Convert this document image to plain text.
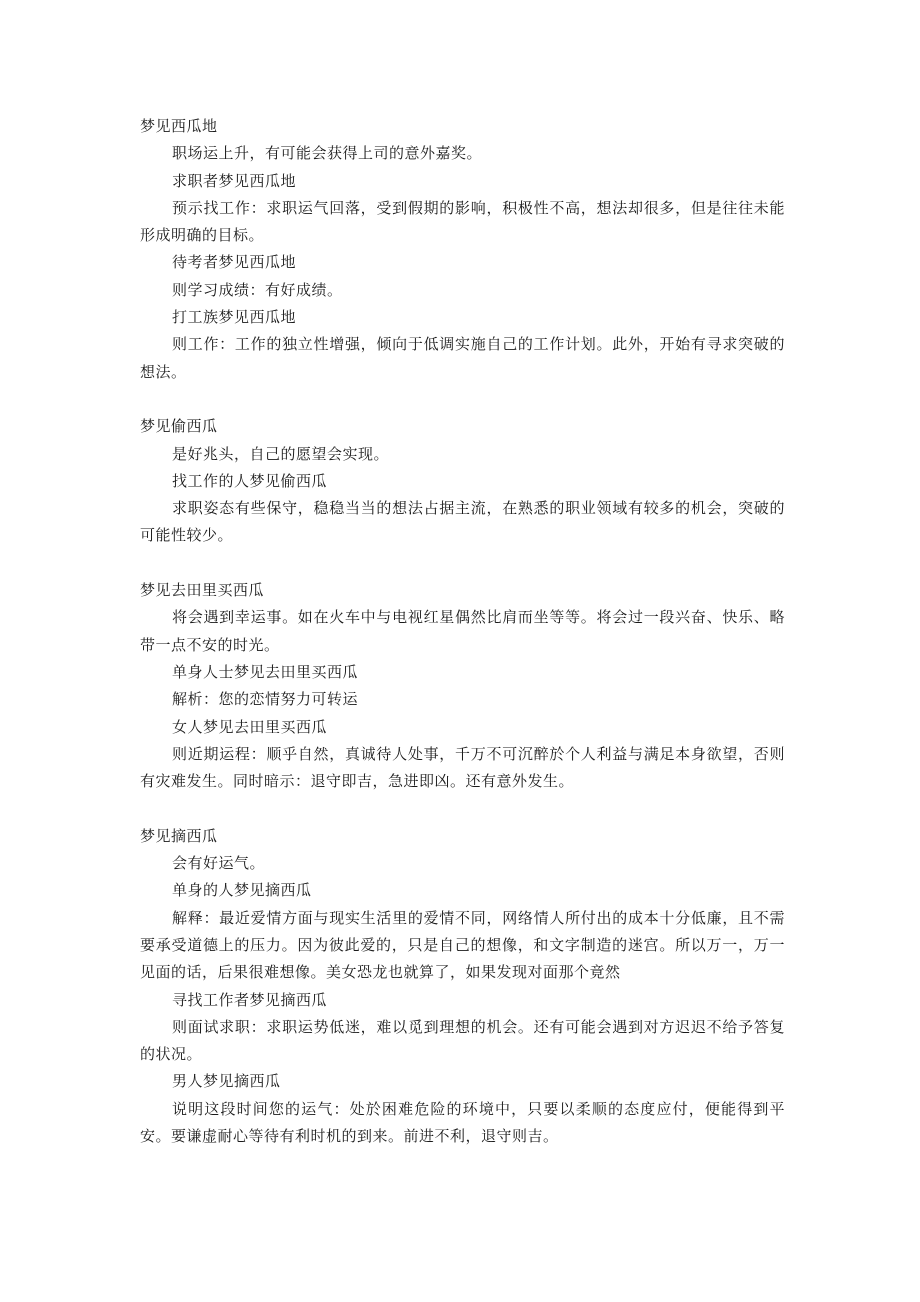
梦见西瓜地

职场运上升，有可能会获得上司的意外嘉奖。

求职者梦见西瓜地

预示找工作：求职运气回落，受到假期的影响，积极性不高，想法却很多，但是往往未能形成明确的目标。

待考者梦见西瓜地

则学习成绩：有好成绩。

打工族梦见西瓜地

则工作：工作的独立性增强，倾向于低调实施自己的工作计划。此外，开始有寻求突破的想法。

梦见偷西瓜

是好兆头，自己的愿望会实现。

找工作的人梦见偷西瓜

求职姿态有些保守，稳稳当当的想法占据主流，在熟悉的职业领域有较多的机会，突破的可能性较少。

梦见去田里买西瓜

将会遇到幸运事。如在火车中与电视红星偶然比肩而坐等等。将会过一段兴奋、快乐、略带一点不安的时光。

单身人士梦见去田里买西瓜

解析：您的恋情努力可转运

女人梦见去田里买西瓜

则近期运程：顺乎自然，真诚待人处事，千万不可沉醉於个人利益与满足本身欲望，否则有灾难发生。同时暗示：退守即吉，急进即凶。还有意外发生。

梦见摘西瓜

会有好运气。

单身的人梦见摘西瓜

解释：最近爱情方面与现实生活里的爱情不同，网络情人所付出的成本十分低廉，且不需要承受道德上的压力。因为彼此爱的，只是自己的想像，和文字制造的迷宫。所以万一，万一见面的话，后果很难想像。美女恐龙也就算了，如果发现对面那个竟然

寻找工作者梦见摘西瓜

则面试求职：求职运势低迷，难以觅到理想的机会。还有可能会遇到对方迟迟不给予答复的状况。

男人梦见摘西瓜

说明这段时间您的运气：处於困难危险的环境中，只要以柔顺的态度应付，便能得到平安。要谦虚耐心等待有利时机的到来。前进不利，退守则吉。
